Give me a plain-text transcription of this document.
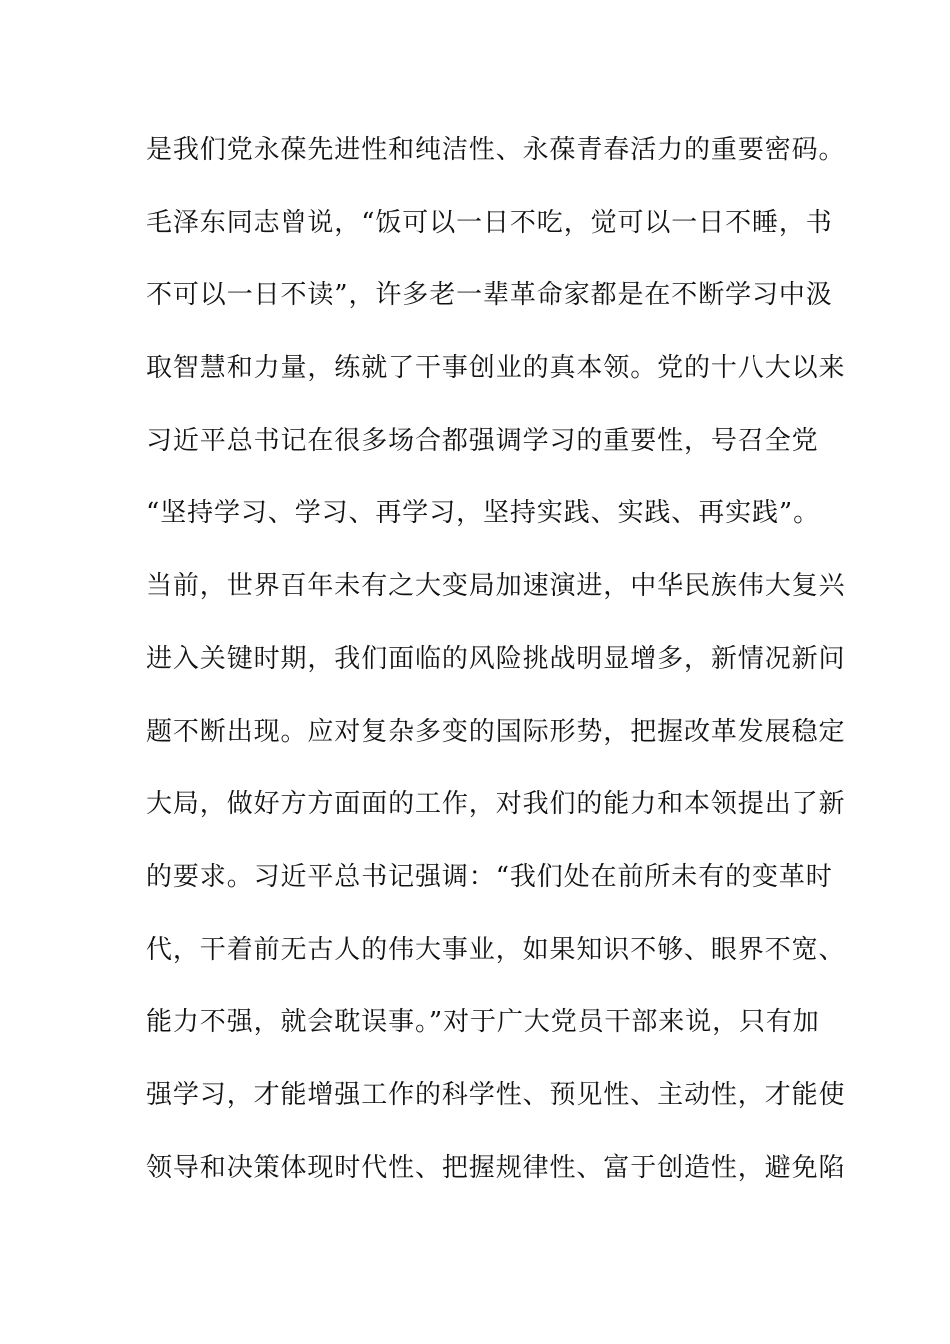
是我们党永葆先进性和纯洁性、永葆青春活力的重要密码。
毛泽东同志曾说，“饭可以一日不吃，觉可以一日不睡，书
不可以一日不读”，许多老一辈革命家都是在不断学习中汲
取智慧和力量，练就了干事创业的真本领。党的十八大以来
习近平总书记在很多场合都强调学习的重要性，号召全党
“坚持学习、学习、再学习，坚持实践、实践、再实践”。
当前，世界百年未有之大变局加速演进，中华民族伟大复兴
进入关键时期，我们面临的风险挑战明显增多，新情况新问
题不断出现。应对复杂多变的国际形势，把握改革发展稳定
大局，做好方方面面的工作，对我们的能力和本领提出了新
的要求。习近平总书记强调：“我们处在前所未有的变革时
代，干着前无古人的伟大事业，如果知识不够、眼界不宽、
能力不强，就会耽误事。”对于广大党员干部来说，只有加
强学习，才能增强工作的科学性、预见性、主动性，才能使
领导和决策体现时代性、把握规律性、富于创造性，避免陷
